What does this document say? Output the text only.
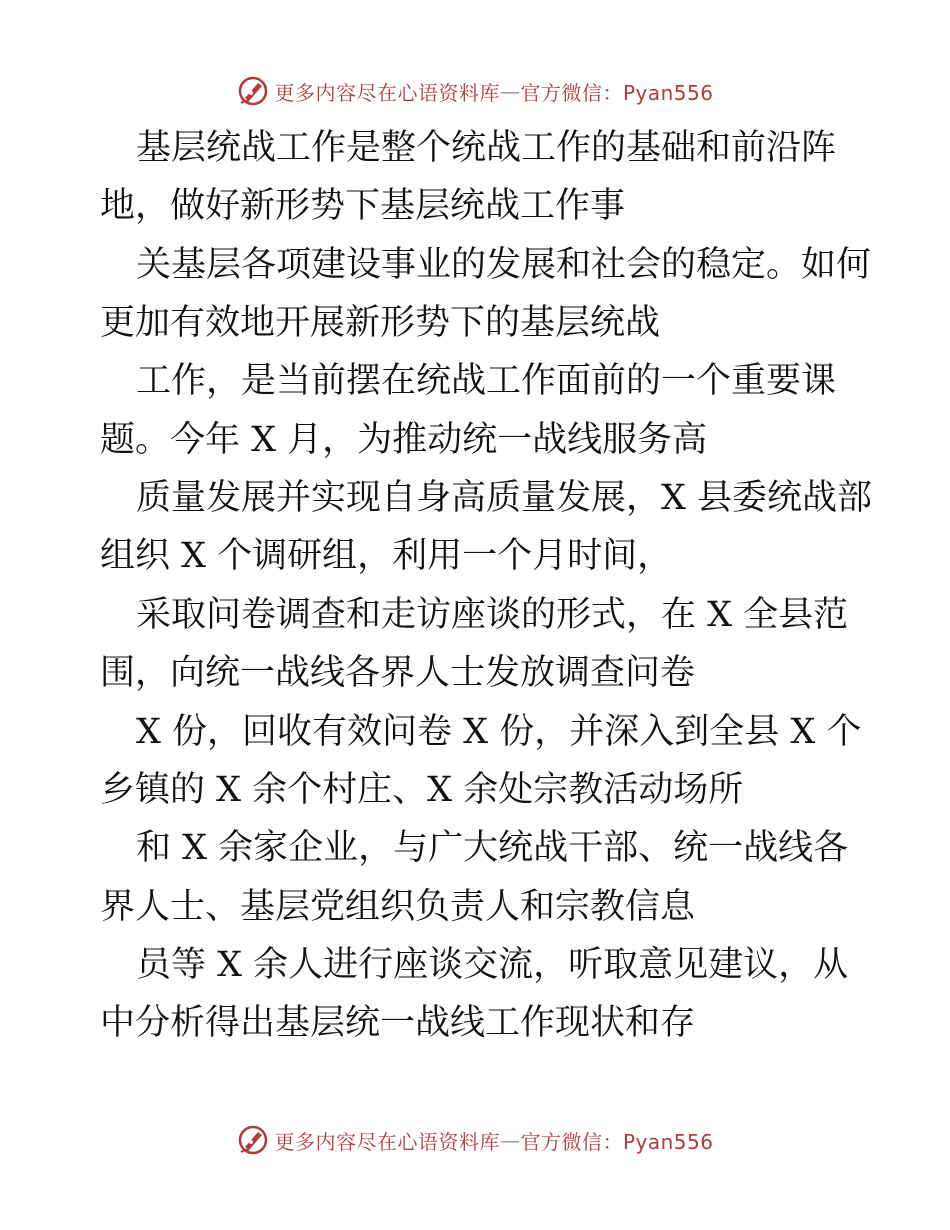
更多内容尽在心语资料库 — 官方微信：Pyan556
基层统战工作是整个统战工作的基础和前沿阵
地，做好新形势下基层统战工作事
关基层各项建设事业的发展和社会的稳定。如何
更加有效地开展新形势下的基层统战
工作，是当前摆在统战工作面前的一个重要课
题。今年 X 月，为推动统一战线服务高
质量发展并实现自身高质量发展，X 县委统战部
组织 X 个调研组，利用一个月时间，
采取问卷调查和走访座谈的形式，在 X 全县范
围，向统一战线各界人士发放调查问卷
X 份，回收有效问卷 X 份，并深入到全县 X 个
乡镇的 X 余个村庄、X 余处宗教活动场所
和 X 余家企业，与广大统战干部、统一战线各
界人士、基层党组织负责人和宗教信息
员等 X 余人进行座谈交流，听取意见建议，从
中分析得出基层统一战线工作现状和存
更多内容尽在心语资料库 — 官方微信：Pyan556
